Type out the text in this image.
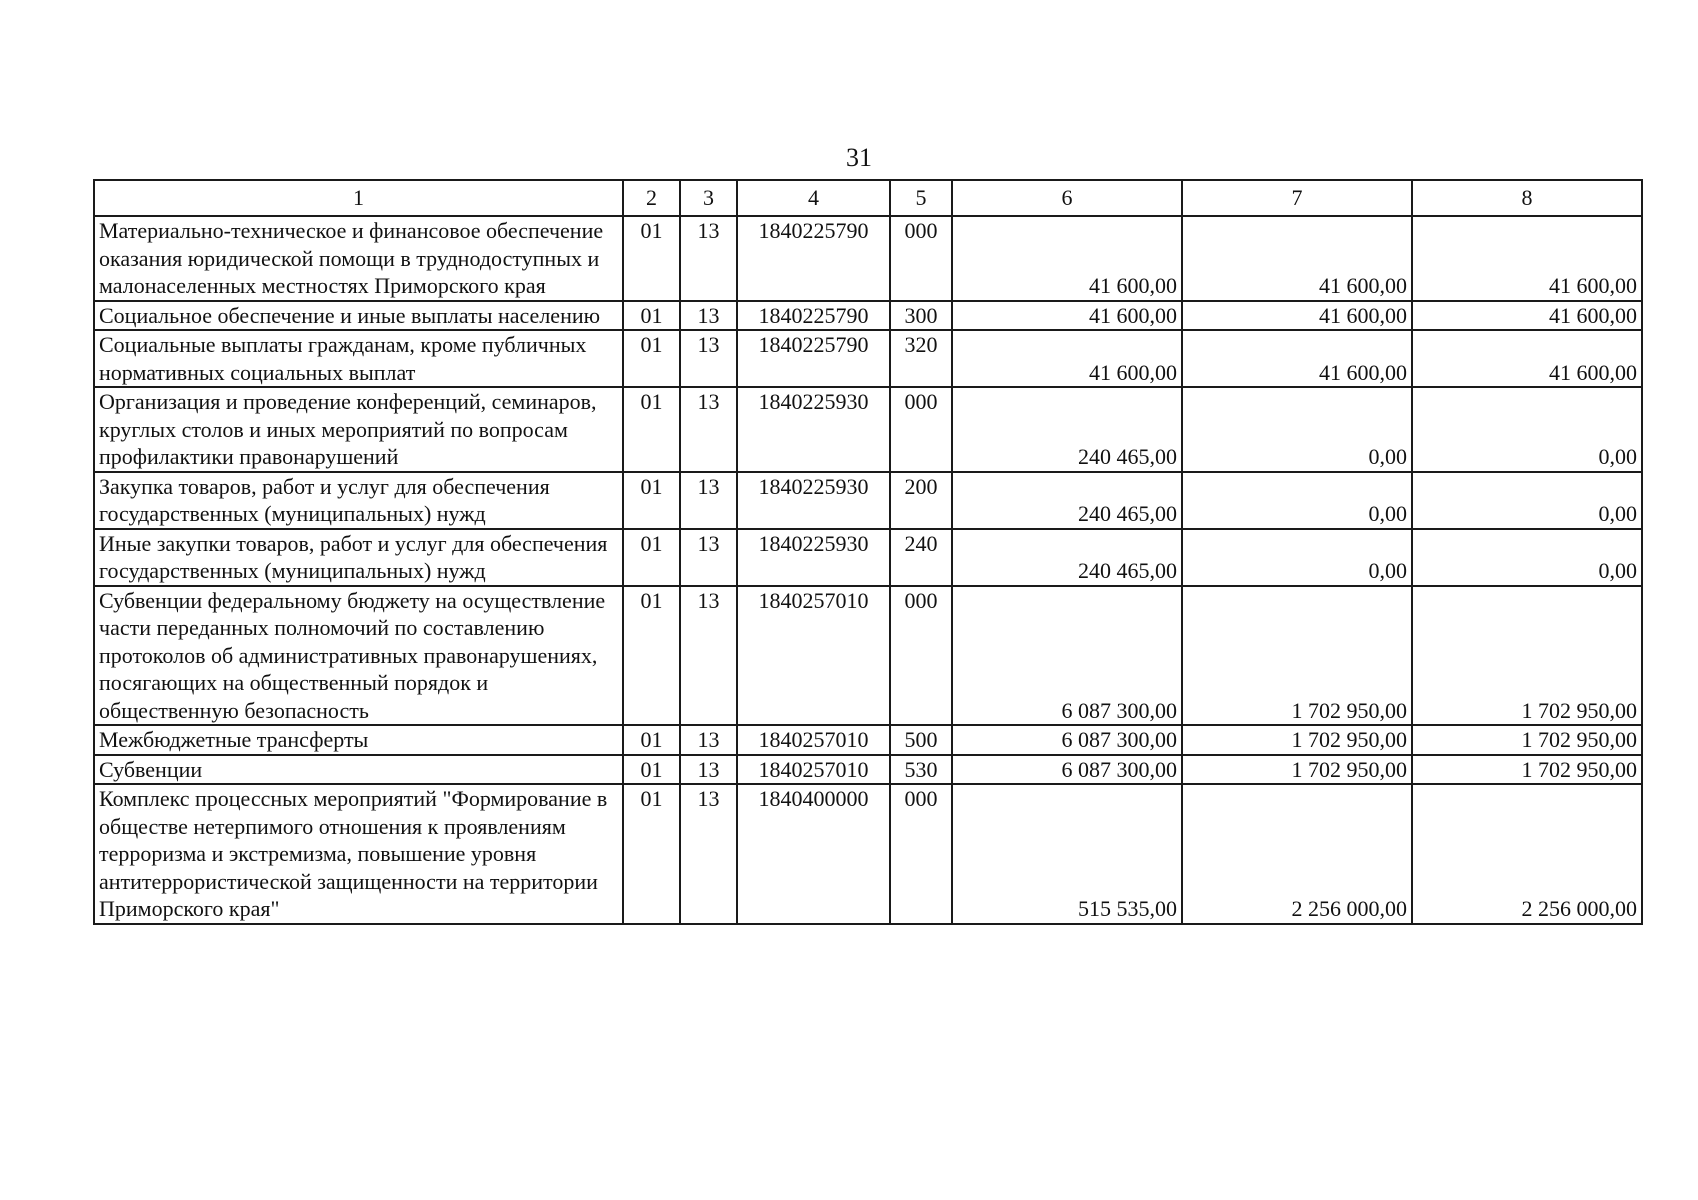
31
1	2	3	4	5	6	7	8
Материально-техническое и финансовое обеспечение оказания юридической помощи в труднодоступных и малонаселенных местностях Приморского края	01	13	1840225790	000	41 600,00	41 600,00	41 600,00
Социальное обеспечение и иные выплаты населению	01	13	1840225790	300	41 600,00	41 600,00	41 600,00
Социальные выплаты гражданам, кроме публичных нормативных социальных выплат	01	13	1840225790	320	41 600,00	41 600,00	41 600,00
Организация и проведение конференций, семинаров, круглых столов и иных мероприятий по вопросам профилактики правонарушений	01	13	1840225930	000	240 465,00	0,00	0,00
Закупка товаров, работ и услуг для обеспечения государственных (муниципальных) нужд	01	13	1840225930	200	240 465,00	0,00	0,00
Иные закупки товаров, работ и услуг для обеспечения государственных (муниципальных) нужд	01	13	1840225930	240	240 465,00	0,00	0,00
Субвенции федеральному бюджету на осуществление части переданных полномочий по составлению протоколов об административных правонарушениях, посягающих на общественный порядок и общественную безопасность	01	13	1840257010	000	6 087 300,00	1 702 950,00	1 702 950,00
Межбюджетные трансферты	01	13	1840257010	500	6 087 300,00	1 702 950,00	1 702 950,00
Субвенции	01	13	1840257010	530	6 087 300,00	1 702 950,00	1 702 950,00
Комплекс процессных мероприятий "Формирование в обществе нетерпимого отношения к проявлениям терроризма и экстремизма, повышение уровня антитеррористической защищенности на территории Приморского края"	01	13	1840400000	000	515 535,00	2 256 000,00	2 256 000,00
